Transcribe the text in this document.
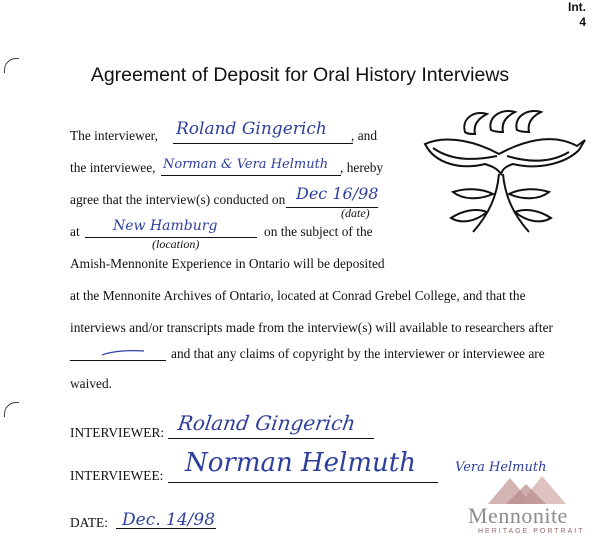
Int.
4
Agreement of Deposit for Oral History Interviews
The interviewer, Roland Gingerich , and
the interviewee, Norman & Vera Helmuth , hereby
agree that the interview(s) conducted on Dec 16/98
(date)
at New Hamburg
(location)
on the subject of the
Amish-Mennonite Experience in Ontario will be deposited
at the Mennonite Archives of Ontario, located at Conrad Grebel College, and that the
interviews and/or transcripts made from the interview(s) will available to researchers after
and that any claims of copyright by the interviewer or interviewee are
waived.
INTERVIEWER: Roland Gingerich
INTERVIEWEE: Norman Helmuth	Vera Helmuth
DATE: Dec. 14/98	Mennonite
HERITAGE PORTRAIT
